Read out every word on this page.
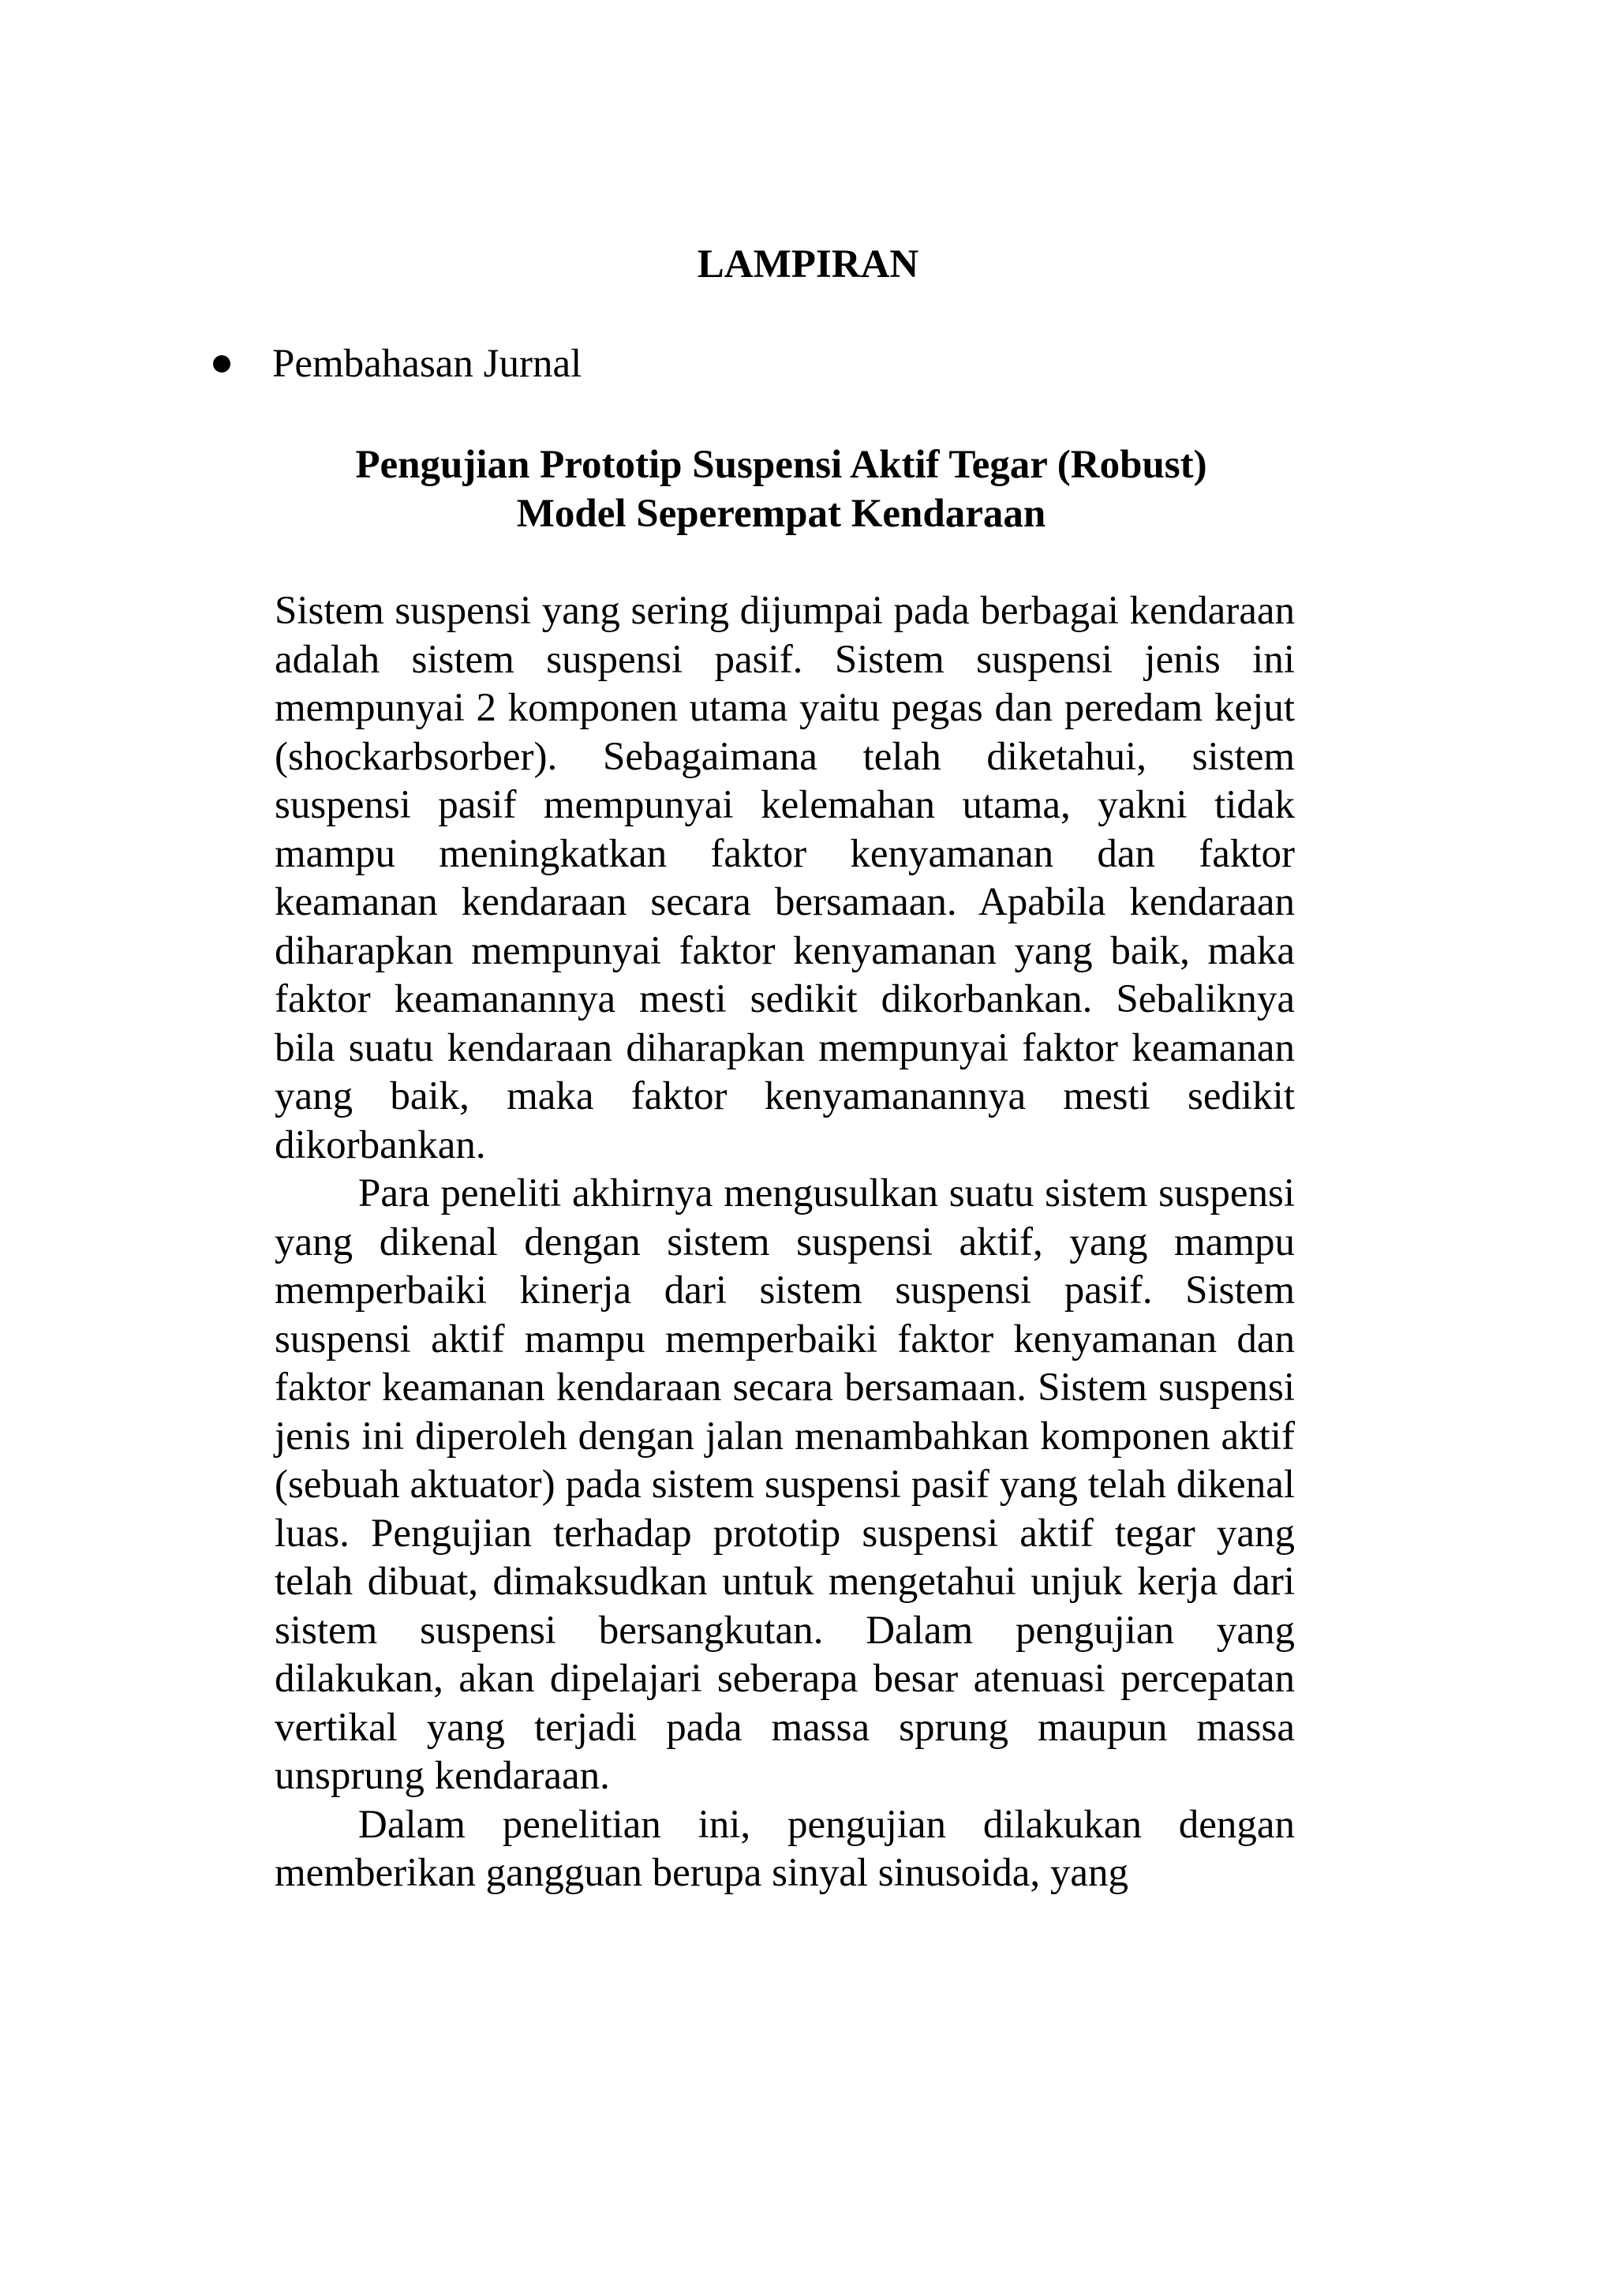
LAMPIRAN
Pembahasan Jurnal
Pengujian Prototip Suspensi Aktif Tegar (Robust)
Model Seperempat Kendaraan

Sistem suspensi yang sering dijumpai pada berbagai kendaraan adalah sistem suspensi pasif. Sistem suspensi jenis ini mempunyai 2 komponen utama yaitu pegas dan peredam kejut (shockarbsorber). Sebagaimana telah diketahui, sistem suspensi pasif mempunyai kelemahan utama, yakni tidak mampu meningkatkan faktor kenyamanan dan faktor keamanan kendaraan secara bersamaan. Apabila kendaraan diharapkan mempunyai faktor kenyamanan yang baik, maka faktor keamanannya mesti sedikit dikorbankan. Sebaliknya bila suatu kendaraan diharapkan mempunyai faktor keamanan yang baik, maka faktor kenyamanannya mesti sedikit dikorbankan.

Para peneliti akhirnya mengusulkan suatu sistem suspensi yang dikenal dengan sistem suspensi aktif, yang mampu memperbaiki kinerja dari sistem suspensi pasif. Sistem suspensi aktif mampu memperbaiki faktor kenyamanan dan faktor keamanan kendaraan secara bersamaan. Sistem suspensi jenis ini diperoleh dengan jalan menambahkan komponen aktif (sebuah aktuator) pada sistem suspensi pasif yang telah dikenal luas. Pengujian terhadap prototip suspensi aktif tegar yang telah dibuat, dimaksudkan untuk mengetahui unjuk kerja dari sistem suspensi bersangkutan. Dalam pengujian yang dilakukan, akan dipelajari seberapa besar atenuasi percepatan vertikal yang terjadi pada massa sprung maupun massa unsprung kendaraan.

Dalam penelitian ini, pengujian dilakukan dengan memberikan gangguan berupa sinyal sinusoida, yang
